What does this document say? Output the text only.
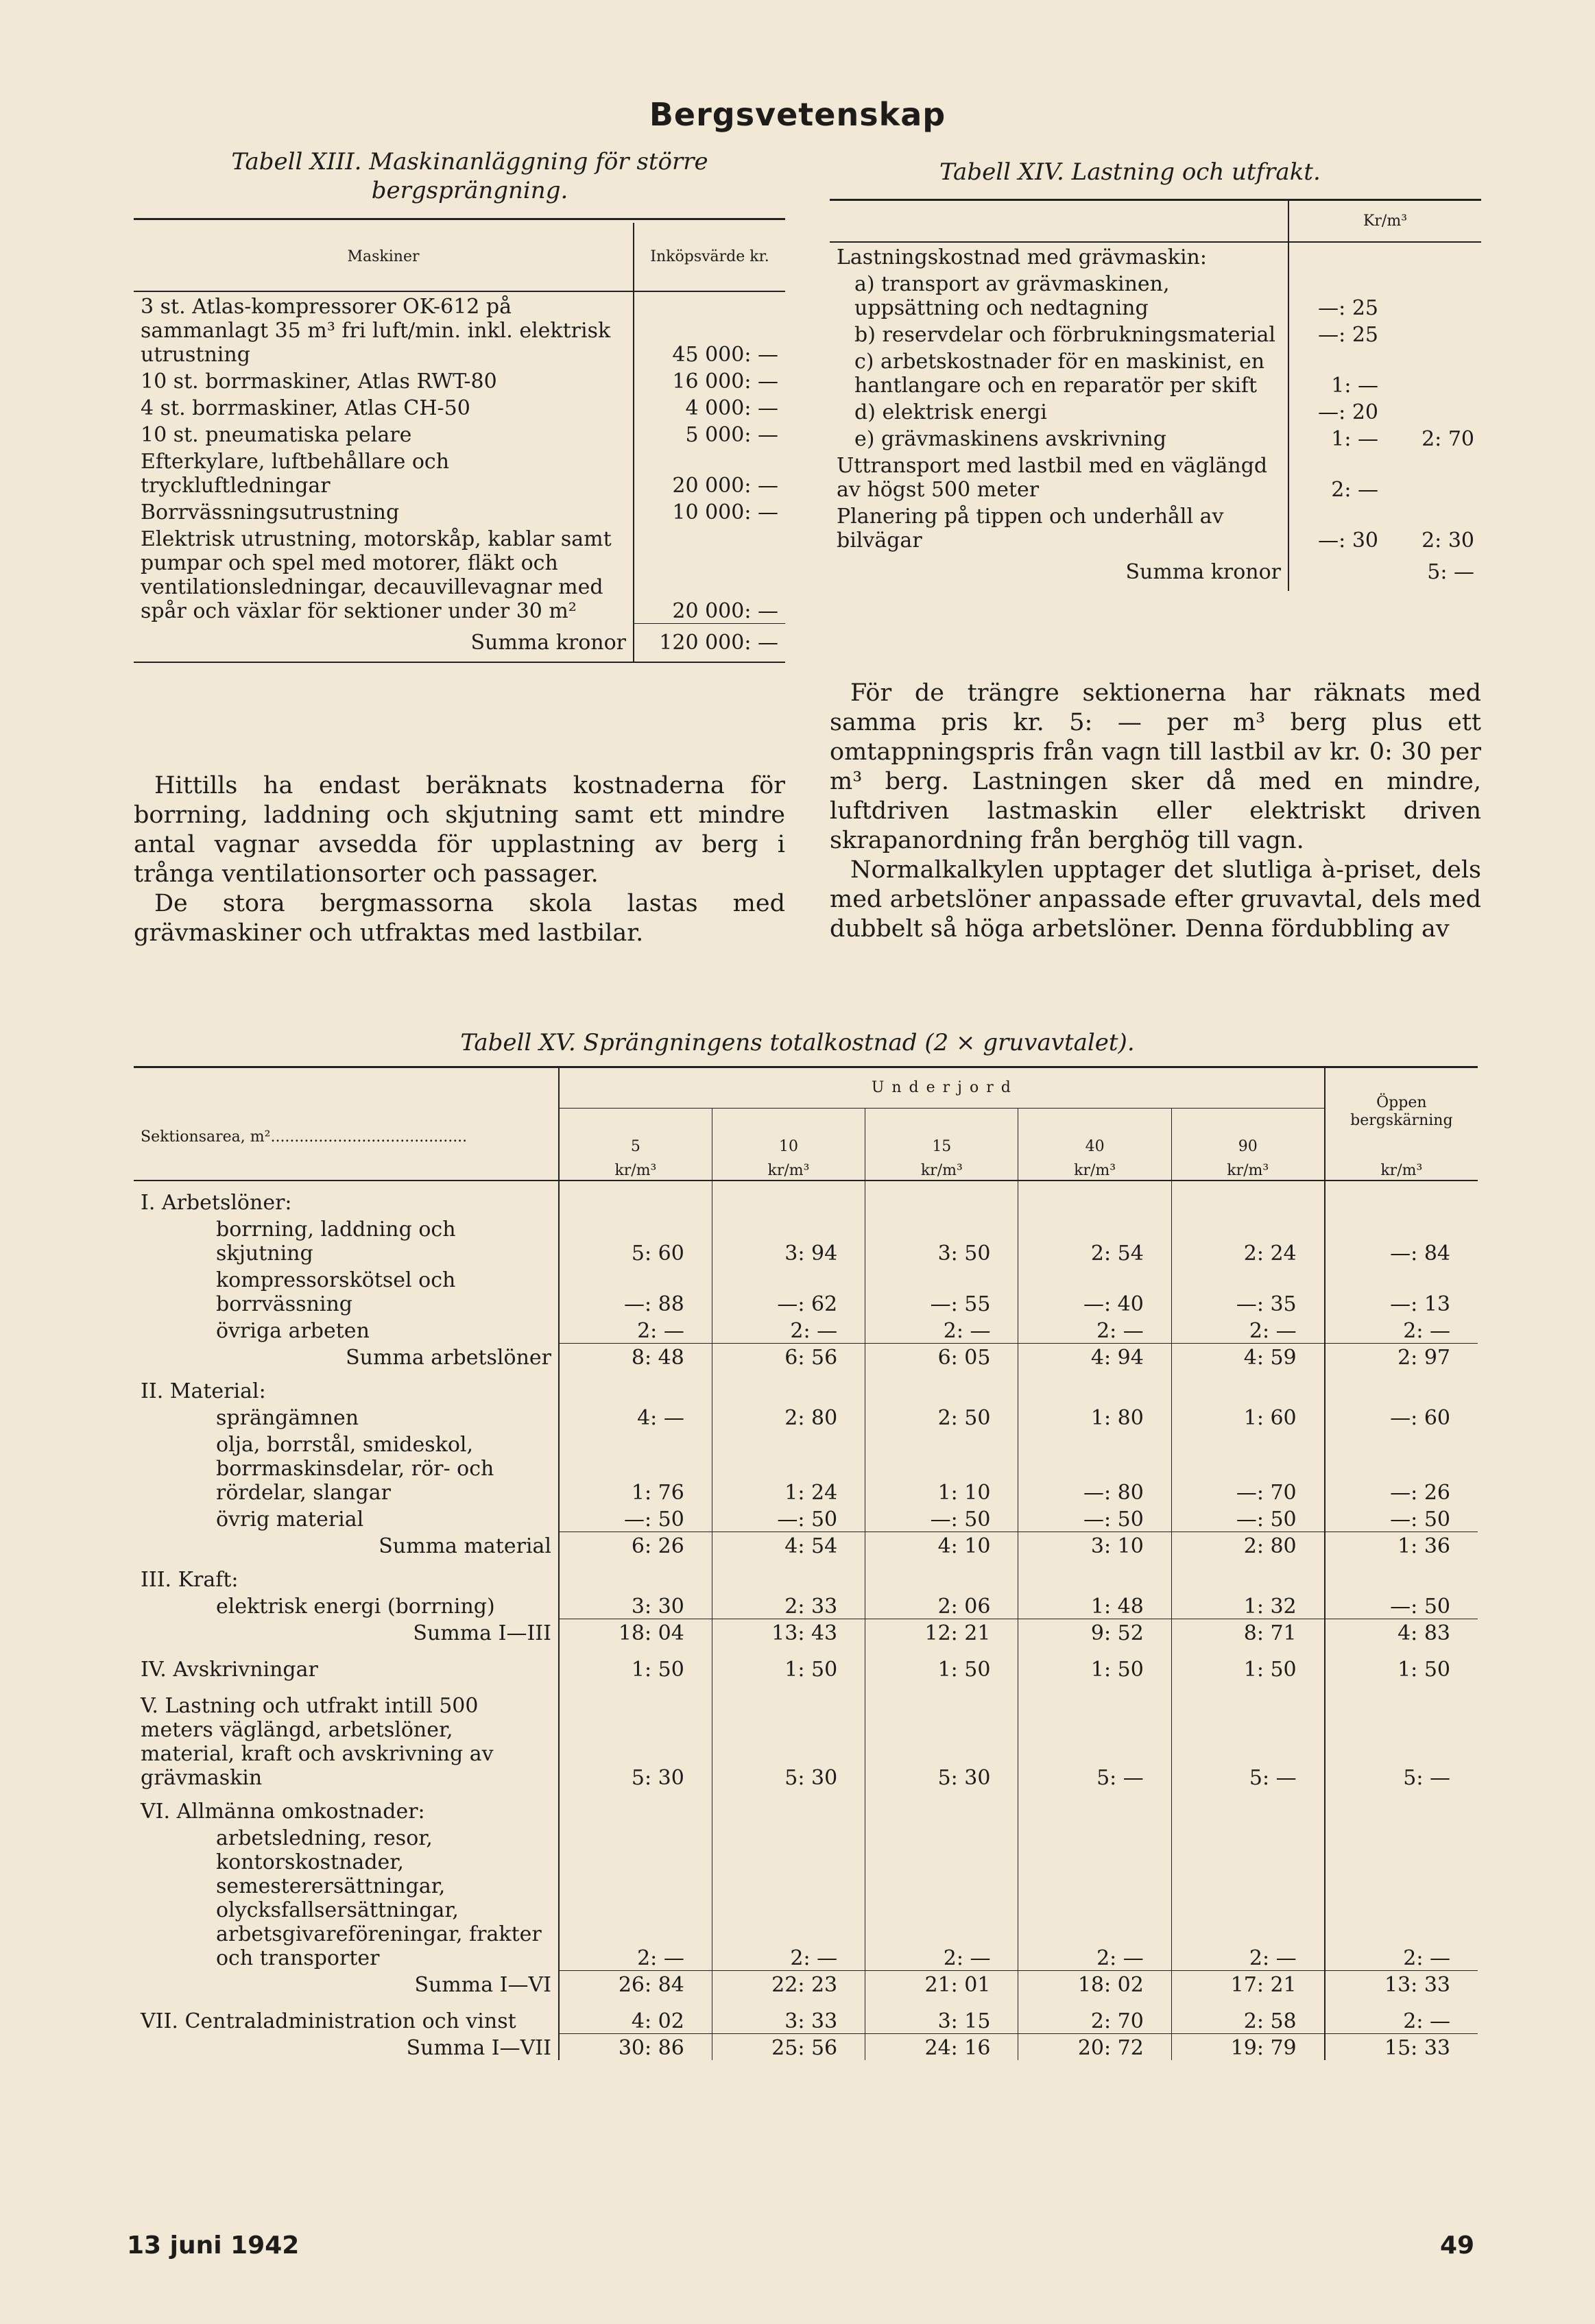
Bergsvetenskap
Tabell XIII. Maskinanläggning för större bergsprängning.
Maskiner	Inköpsvärde kr.
3 st. Atlas-kompressorer OK-612 på sammanlagt 35 m³ fri luft/min. inkl. elektrisk utrustning	45 000: —
10 st. borrmaskiner, Atlas RWT-80	16 000: —
4 st. borrmaskiner, Atlas CH-50	4 000: —
10 st. pneumatiska pelare	5 000: —
Efterkylare, luftbehållare och tryckluftledningar	20 000: —
Borrvässningsutrustning	10 000: —
Elektrisk utrustning, motorskåp, kablar samt pumpar och spel med motorer, fläkt och ventilationsledningar, decauvillevagnar med spår och växlar för sektioner under 30 m²	20 000: —
Summa kronor	120 000: —
Tabell XIV. Lastning och utfrakt.
	Kr/m³	
Lastningskostnad med grävmaskin:		
a) transport av grävmaskinen, uppsättning och nedtagning	—: 25	
b) reservdelar och förbrukningsmaterial	—: 25	
c) arbetskostnader för en maskinist, en hantlangare och en reparatör per skift	1: —	
d) elektrisk energi	—: 20	
e) grävmaskinens avskrivning	1: —	2: 70
Uttransport med lastbil med en väglängd av högst 500 meter	2: —	
Planering på tippen och underhåll av bilvägar	—: 30	2: 30
Summa kronor		5: —

Hittills ha endast beräknats kostnaderna för borrning, laddning och skjutning samt ett mindre antal vagnar avsedda för upplastning av berg i trånga ventilationsorter och passager.

De stora bergmassorna skola lastas med grävmaskiner och utfraktas med lastbilar.

För de trängre sektionerna har räknats med samma pris kr. 5: — per m³ berg plus ett omtappningspris från vagn till lastbil av kr. 0: 30 per m³ berg. Lastningen sker då med en mindre, luftdriven lastmaskin eller elektriskt driven skrapanordning från berghög till vagn.

Normalkalkylen upptager det slutliga à-priset, dels med arbetslöner anpassade efter gruvavtal, dels med dubbelt så höga arbetslöner. Denna fördubbling av

Tabell XV. Sprängningens totalkostnad (2 × gruvavtalet).
Sektionsarea, m².........................................	U n d e r j o r d					Öppen bergskärning
	5	10	15	40	90	
	kr/m³	kr/m³	kr/m³	kr/m³	kr/m³	kr/m³
I. Arbetslöner:						
borrning, laddning och skjutning	5: 60	3: 94	3: 50	2: 54	2: 24	—: 84
kompressorskötsel och borrvässning	—: 88	—: 62	—: 55	—: 40	—: 35	—: 13
övriga arbeten	2: —	2: —	2: —	2: —	2: —	2: —
Summa arbetslöner	8: 48	6: 56	6: 05	4: 94	4: 59	2: 97
II. Material:						
sprängämnen	4: —	2: 80	2: 50	1: 80	1: 60	—: 60
olja, borrstål, smideskol, borrmaskinsdelar, rör- och rördelar, slangar	1: 76	1: 24	1: 10	—: 80	—: 70	—: 26
övrig material	—: 50	—: 50	—: 50	—: 50	—: 50	—: 50
Summa material	6: 26	4: 54	4: 10	3: 10	2: 80	1: 36
III. Kraft:						
elektrisk energi (borrning)	3: 30	2: 33	2: 06	1: 48	1: 32	—: 50
Summa I—III	18: 04	13: 43	12: 21	9: 52	8: 71	4: 83
IV. Avskrivningar	1: 50	1: 50	1: 50	1: 50	1: 50	1: 50
V. Lastning och utfrakt intill 500 meters väglängd, arbetslöner, material, kraft och avskrivning av grävmaskin	5: 30	5: 30	5: 30	5: —	5: —	5: —
VI. Allmänna omkostnader:						
arbetsledning, resor, kontorskostnader, semesterersättningar, olycksfallsersättningar, arbetsgivareföreningar, frakter och transporter	2: —	2: —	2: —	2: —	2: —	2: —
Summa I—VI	26: 84	22: 23	21: 01	18: 02	17: 21	13: 33
VII. Centraladministration och vinst	4: 02	3: 33	3: 15	2: 70	2: 58	2: —
Summa I—VII	30: 86	25: 56	24: 16	20: 72	19: 79	15: 33
13 juni 1942	49
